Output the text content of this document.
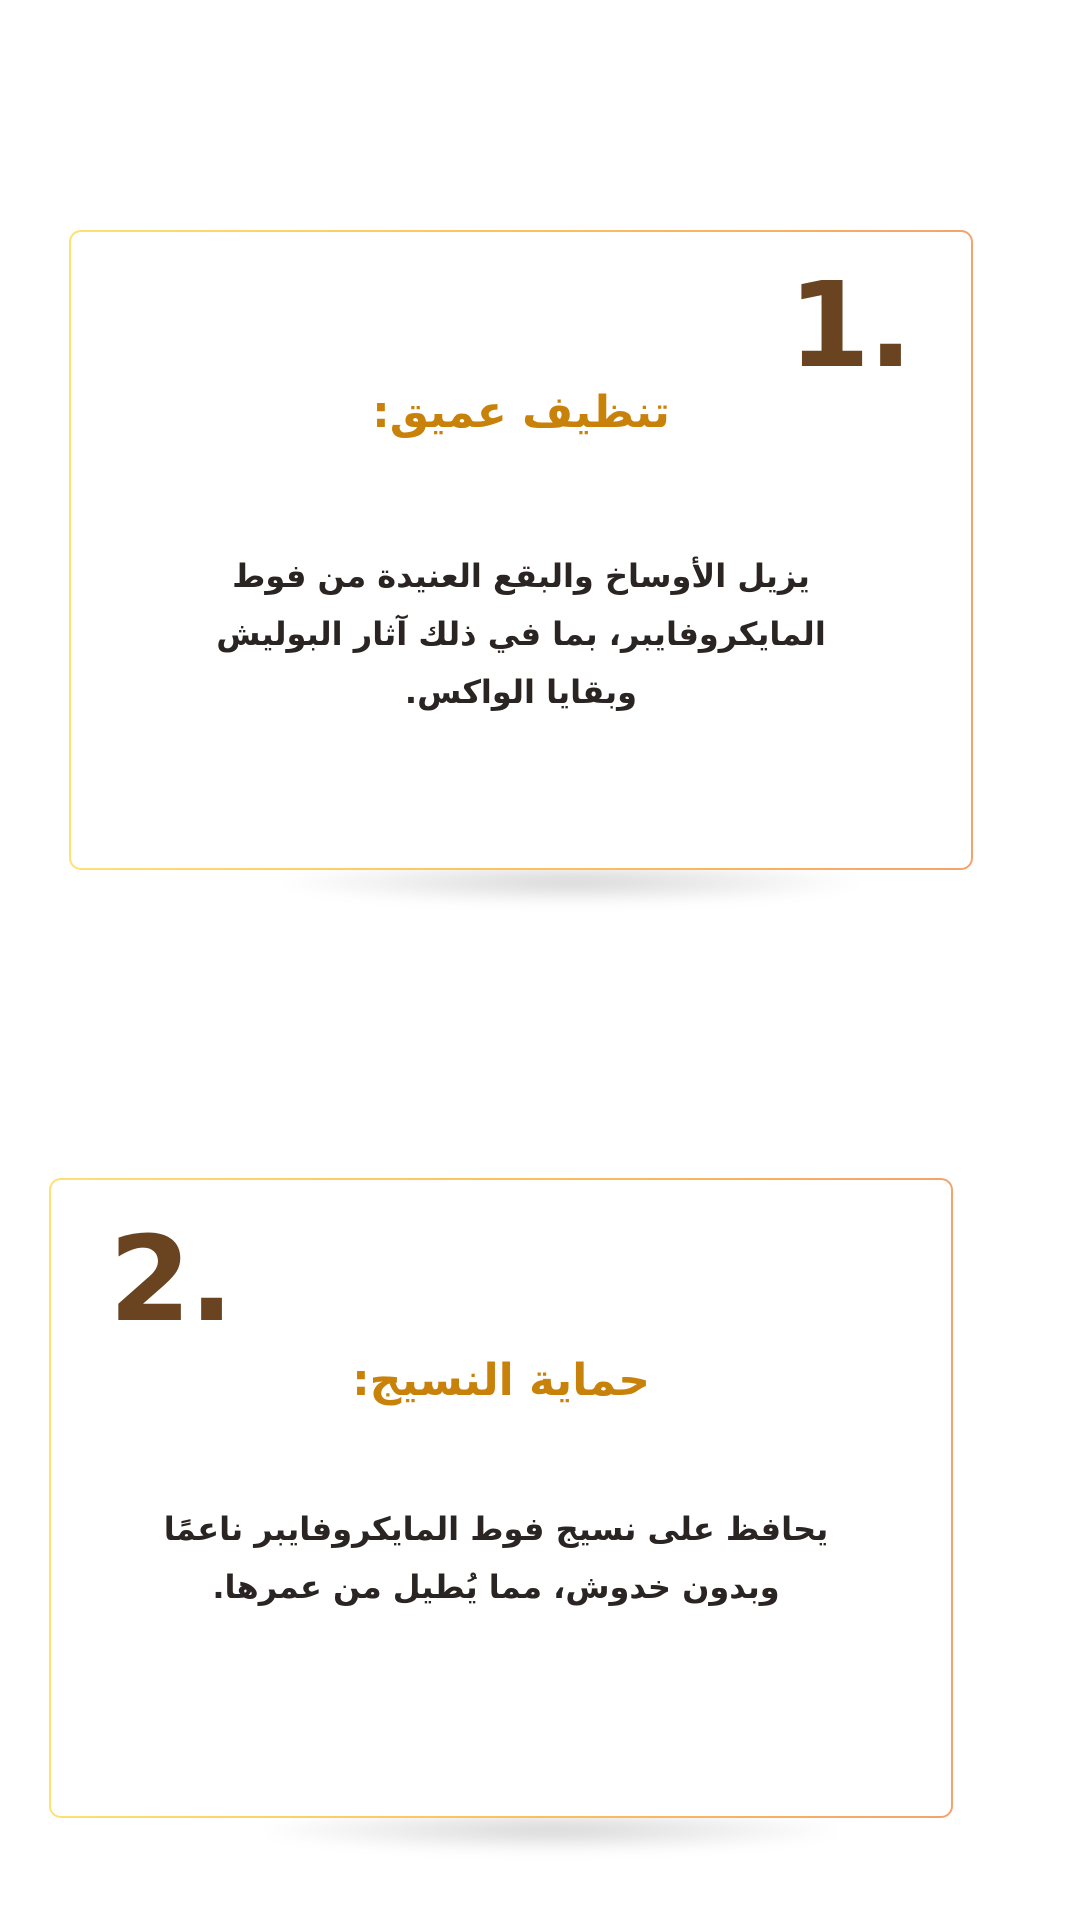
1.
تنظيف عميق:
يزيل الأوساخ والبقع العنيدة من فوط المايكروفايبر، بما في ذلك آثار البوليش وبقايا الواكس.
2.
حماية النسيج:
يحافظ على نسيج فوط المايكروفايبر ناعمًا وبدون خدوش، مما يُطيل من عمرها.
